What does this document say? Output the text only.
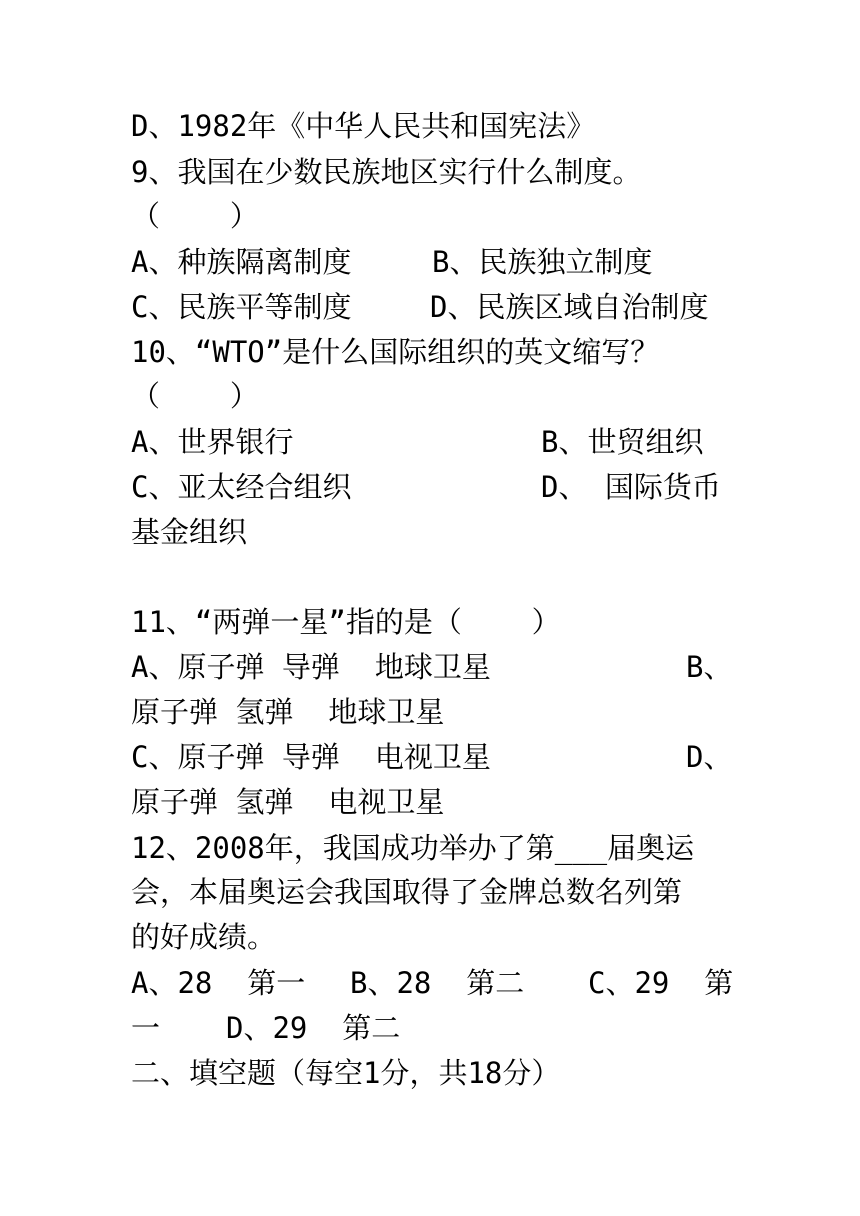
D、1982年《中华人民共和国宪法》
9、我国在少数民族地区实行什么制度。
（    ）
A、种族隔离制度	B、民族独立制度
C、民族平等制度	D、民族区域自治制度
10、“WTO”是什么国际组织的英文缩写？
（    ）
A、世界银行	B、世贸组织
C、亚太经合组织	D、 国际货币
基金组织
11、“两弹一星”指的是（    ）
A、原子弹 导弹  地球卫星	B、
原子弹 氢弹  地球卫星
C、原子弹 导弹  电视卫星	D、
原子弹 氢弹  电视卫星
12、2008年，我国成功举办了第___届奥运
会，本届奥运会我国取得了金牌总数名列第
的好成绩。
A、28  第一 B、28  第二 C、29  第
一 D、29  第二
二、填空题（每空1分，共18分）
